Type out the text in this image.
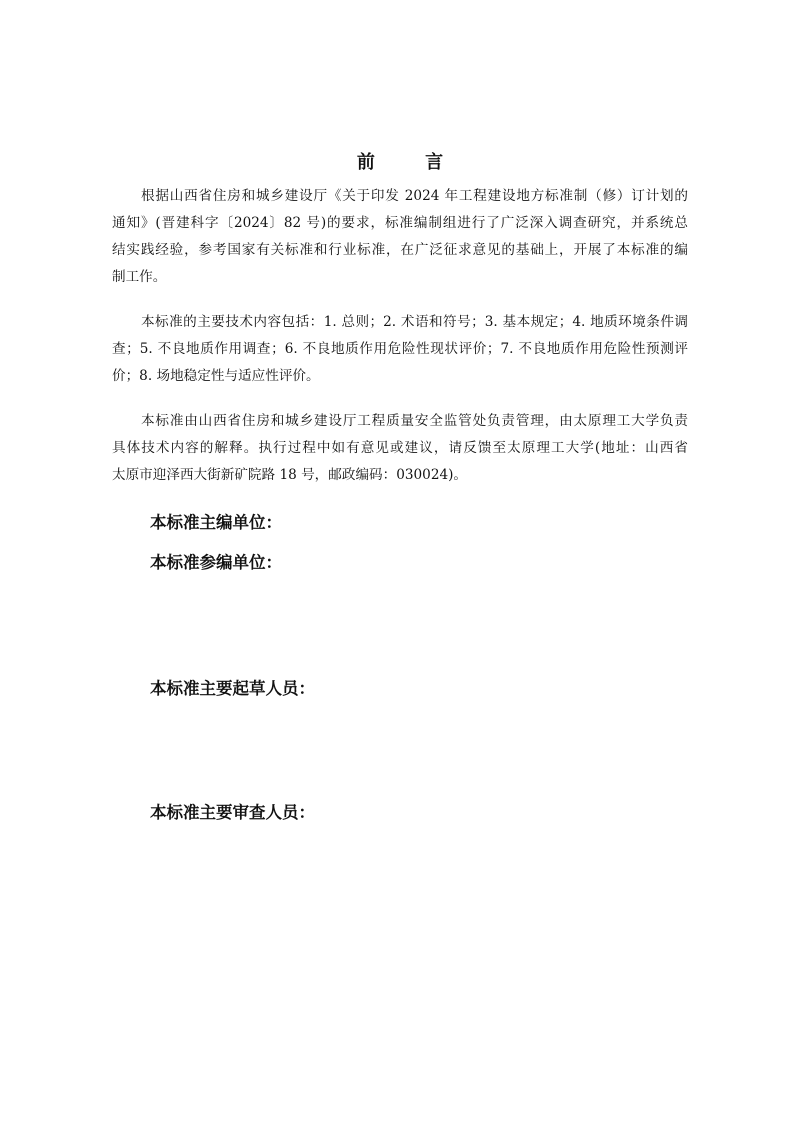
前 言
根据山西省住房和城乡建设厅《关于印发 2024 年工程建设地方标准制（修）订计划的
通知》(晋建科字〔2024〕82 号)的要求，标准编制组进行了广泛深入调查研究，并系统总
结实践经验，参考国家有关标准和行业标准，在广泛征求意见的基础上，开展了本标准的编
制工作。
本标准的主要技术内容包括：1. 总则；2. 术语和符号；3. 基本规定；4. 地质环境条件调
查；5. 不良地质作用调查；6. 不良地质作用危险性现状评价；7. 不良地质作用危险性预测评
价；8. 场地稳定性与适应性评价。
本标准由山西省住房和城乡建设厅工程质量安全监管处负责管理，由太原理工大学负责
具体技术内容的解释。执行过程中如有意见或建议，请反馈至太原理工大学(地址：山西省
太原市迎泽西大街新矿院路 18 号，邮政编码：030024)。
本标准主编单位：
本标准参编单位：
本标准主要起草人员：
本标准主要审查人员：
